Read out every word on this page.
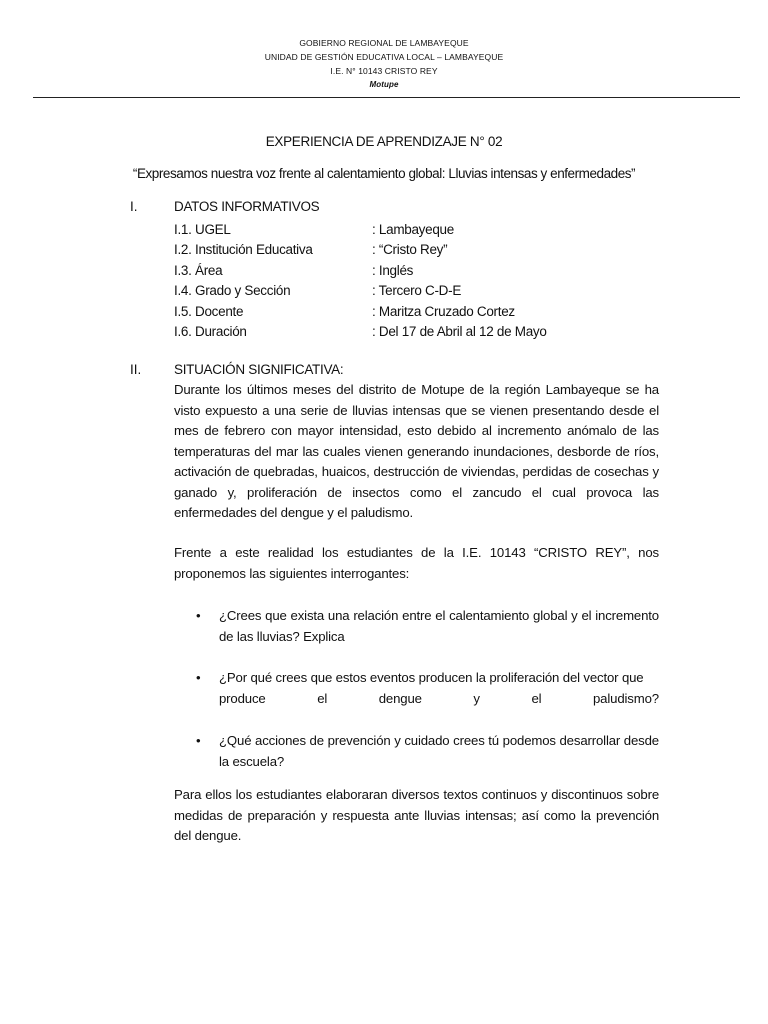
GOBIERNO REGIONAL DE LAMBAYEQUE
UNIDAD DE GESTIÓN EDUCATIVA LOCAL – LAMBAYEQUE
I.E. N° 10143 CRISTO REY
Motupe
EXPERIENCIA DE APRENDIZAJE N° 02
“Expresamos nuestra voz frente al calentamiento global: Lluvias intensas y enfermedades”
I.	DATOS INFORMATIVOS
I.1. UGEL	: Lambayeque
I.2. Institución Educativa	: “Cristo Rey”
I.3. Área	: Inglés
I.4. Grado y Sección	: Tercero C-D-E
I.5. Docente	: Maritza Cruzado Cortez
I.6. Duración	: Del 17 de Abril al 12 de Mayo
II. SITUACIÓN SIGNIFICATIVA:
Durante los últimos meses del distrito de Motupe de la región Lambayeque se ha visto expuesto a una serie de lluvias intensas que se vienen presentando desde el mes de febrero con mayor intensidad, esto debido al incremento anómalo de las temperaturas del mar las cuales vienen generando inundaciones, desborde de ríos, activación de quebradas, huaicos, destrucción de viviendas, perdidas de cosechas y ganado y, proliferación de insectos como el zancudo el cual provoca las enfermedades del dengue y el paludismo.
Frente a este realidad los estudiantes de la I.E. 10143 “CRISTO REY”, nos proponemos las siguientes interrogantes:
• ¿Crees que exista una relación entre el calentamiento global y el incremento de las lluvias? Explica
• ¿Por qué crees que estos eventos producen la proliferación del vector que
produce	el	dengue	y	el	paludismo?
• ¿Qué acciones de prevención y cuidado crees tú podemos desarrollar desde la escuela?
Para ellos los estudiantes elaboraran diversos textos continuos y discontinuos sobre medidas de preparación y respuesta ante lluvias intensas; así como la prevención del dengue.
